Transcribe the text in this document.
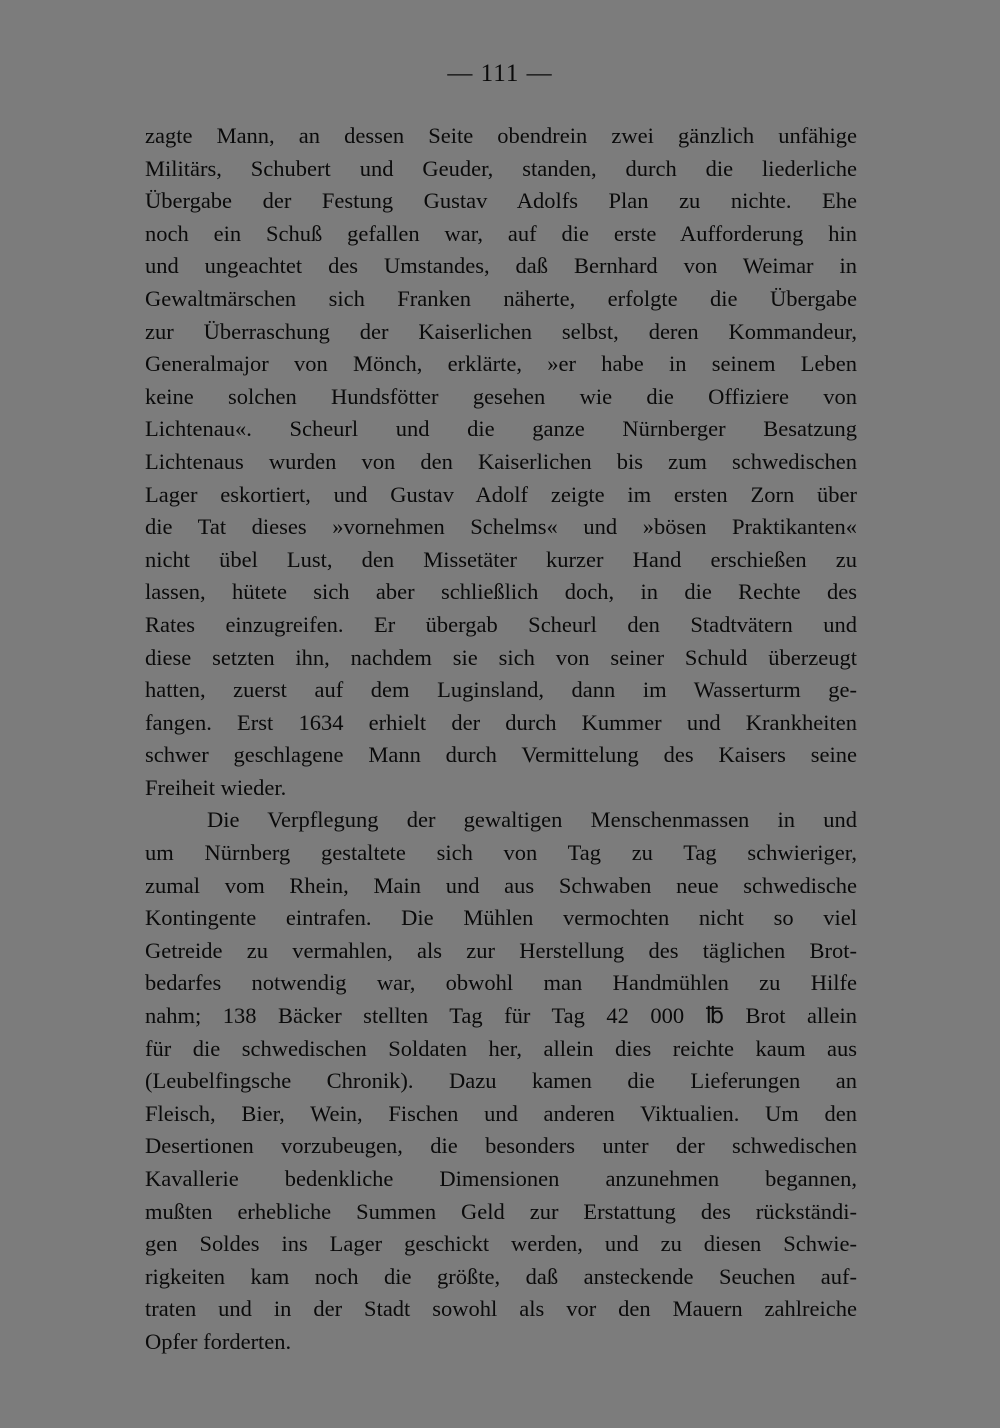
— 111 —
zagte Mann, an dessen Seite obendrein zwei gänzlich unfähige
Militärs, Schubert und Geuder, standen, durch die liederliche
Übergabe der Festung Gustav Adolfs Plan zu nichte. Ehe
noch ein Schuß gefallen war, auf die erste Aufforderung hin
und ungeachtet des Umstandes, daß Bernhard von Weimar in
Gewaltmärschen sich Franken näherte, erfolgte die Übergabe
zur Überraschung der Kaiserlichen selbst, deren Kommandeur,
Generalmajor von Mönch, erklärte, »er habe in seinem Leben
keine solchen Hundsfötter gesehen wie die Offiziere von
Lichtenau«. Scheurl und die ganze Nürnberger Besatzung
Lichtenaus wurden von den Kaiserlichen bis zum schwedischen
Lager eskortiert, und Gustav Adolf zeigte im ersten Zorn über
die Tat dieses »vornehmen Schelms« und »bösen Praktikanten«
nicht übel Lust, den Missetäter kurzer Hand erschießen zu
lassen, hütete sich aber schließlich doch, in die Rechte des
Rates einzugreifen. Er übergab Scheurl den Stadtvätern und
diese setzten ihn, nachdem sie sich von seiner Schuld überzeugt
hatten, zuerst auf dem Luginsland, dann im Wasserturm ge-
fangen. Erst 1634 erhielt der durch Kummer und Krankheiten
schwer geschlagene Mann durch Vermittelung des Kaisers seine
Freiheit wieder.
Die Verpflegung der gewaltigen Menschenmassen in und
um Nürnberg gestaltete sich von Tag zu Tag schwieriger,
zumal vom Rhein, Main und aus Schwaben neue schwedische
Kontingente eintrafen. Die Mühlen vermochten nicht so viel
Getreide zu vermahlen, als zur Herstellung des täglichen Brot-
bedarfes notwendig war, obwohl man Handmühlen zu Hilfe
nahm; 138 Bäcker stellten Tag für Tag 42 000 ℔ Brot allein
für die schwedischen Soldaten her, allein dies reichte kaum aus
(Leubelfingsche Chronik). Dazu kamen die Lieferungen an
Fleisch, Bier, Wein, Fischen und anderen Viktualien. Um den
Desertionen vorzubeugen, die besonders unter der schwedischen
Kavallerie bedenkliche Dimensionen anzunehmen begannen,
mußten erhebliche Summen Geld zur Erstattung des rückständi-
gen Soldes ins Lager geschickt werden, und zu diesen Schwie-
rigkeiten kam noch die größte, daß ansteckende Seuchen auf-
traten und in der Stadt sowohl als vor den Mauern zahlreiche
Opfer forderten.
